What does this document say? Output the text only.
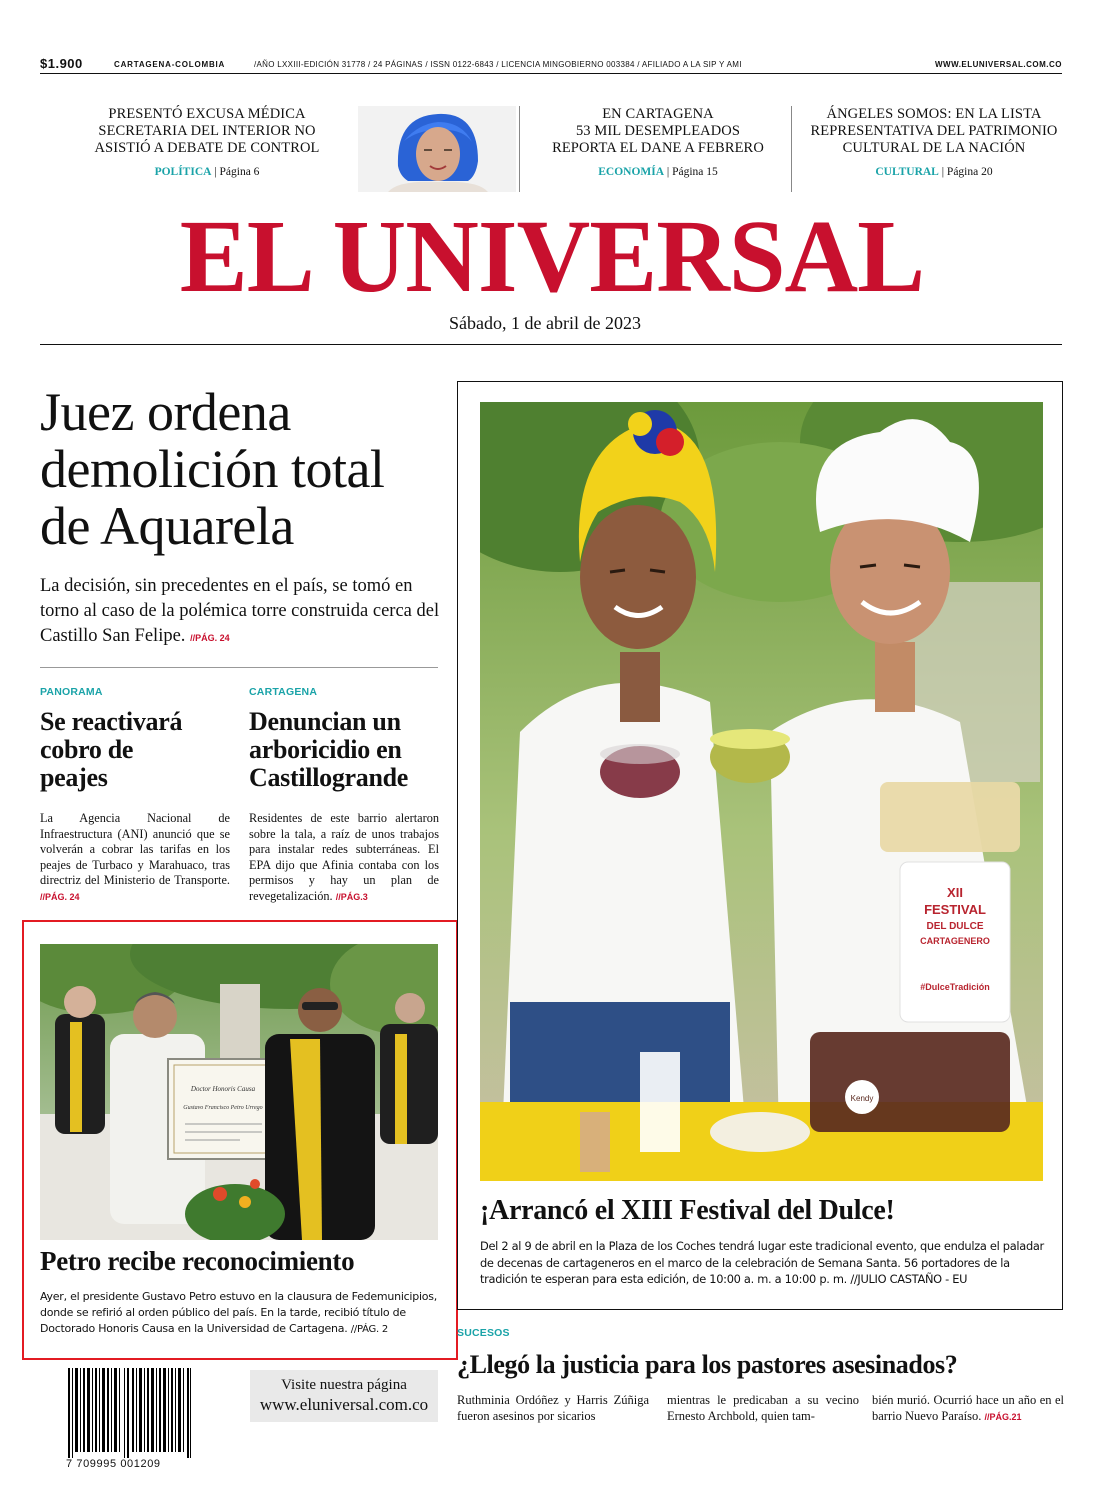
$1.900	CARTAGENA-COLOMBIA	/AÑO LXXIII-EDICIÓN 31778 / 24 PÁGINAS / ISSN 0122-6843 / LICENCIA MINGOBIERNO 003384 / AFILIADO A LA SIP Y AMI	WWW.ELUNIVERSAL.COM.CO
PRESENTÓ EXCUSA MÉDICA
SECRETARIA DEL INTERIOR NO
ASISTIÓ A DEBATE DE CONTROL
POLÍTICA | Página 6
EN CARTAGENA
53 MIL DESEMPLEADOS
REPORTA EL DANE A FEBRERO
ECONOMÍA | Página 15
ÁNGELES SOMOS: EN LA LISTA
REPRESENTATIVA DEL PATRIMONIO
CULTURAL DE LA NACIÓN
CULTURAL | Página 20
EL UNIVERSAL
Sábado, 1 de abril de 2023
Juez ordena
demolición total
de Aquarela
La decisión, sin precedentes en el país, se tomó en torno al caso de la polémica torre construida cerca del Castillo San Felipe. //PÁG. 24
PANORAMA
Se reactivará
cobro de
peajes
La Agencia Nacional de Infraestructura (ANI) anunció que se volverán a cobrar las tarifas en los peajes de Turbaco y Marahuaco, tras directriz del Ministerio de Transporte. //PÁG. 24
CARTAGENA
Denuncian un
arboricidio en
Castillogrande
Residentes de este barrio alertaron sobre la tala, a raíz de unos trabajos para instalar redes subterráneas. El EPA dijo que Afinia contaba con los permisos y hay un plan de revegetalización. //PÁG.3
Doctor Honoris Causa
Gustavo Francisco Petro Urrego
Petro recibe reconocimiento
Ayer, el presidente Gustavo Petro estuvo en la clausura de Fedemunicipios, donde se refirió al orden público del país. En la tarde, recibió título de Doctorado Honoris Causa en la Universidad de Cartagena. //PÁG. 2
7 709995 001209
Visite nuestra página
www.eluniversal.com.co
XII
FESTIVAL
DEL DULCE
CARTAGENERO
#DulceTradición
Kendy
¡Arrancó el XIII Festival del Dulce!
Del 2 al 9 de abril en la Plaza de los Coches tendrá lugar este tradicional evento, que endulza el paladar de decenas de cartageneros en el marco de la celebración de Semana Santa. 56 portadores de la tradición te esperan para esta edición, de 10:00 a. m. a 10:00 p. m. //JULIO CASTAÑO - EU
SUCESOS
¿Llegó la justicia para los pastores asesinados?
Ruthminia Ordóñez y Harris Zúñiga fueron asesinos por sicarios
mientras le predicaban a su vecino Ernesto Archbold, quien tam-
bién murió. Ocurrió hace un año en el barrio Nuevo Paraíso. //PÁG.21
